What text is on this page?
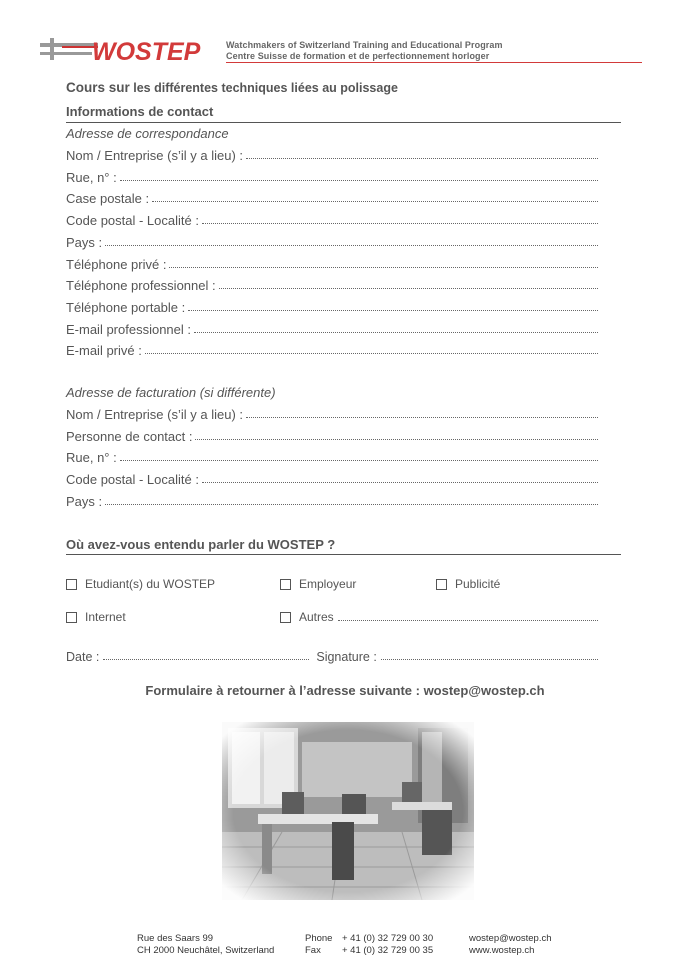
WOSTEP	Watchmakers of Switzerland Training and Educational Program
Centre Suisse de formation et de perfectionnement horloger
Cours sur les différentes techniques liées au polissage
Informations de contact
Adresse de correspondance
Nom / Entreprise (s’il y a lieu) :
Rue, n° :
Case postale :
Code postal - Localité :
Pays :
Téléphone privé :
Téléphone professionnel :
Téléphone portable :
E-mail professionnel :
E-mail privé :
Adresse de facturation (si différente)
Nom / Entreprise (s’il y a lieu) :
Personne de contact :
Rue, n° :
Code postal - Localité :
Pays :
Où avez-vous entendu parler du WOSTEP ?
Etudiant(s) du WOSTEP	Employeur	Publicité
Internet	Autres
Date :	Signature :
Formulaire à retourner à l’adresse suivante : wostep@wostep.ch
Rue des Saars 99
CH 2000 Neuchâtel, Switzerland
Phone + 41 (0) 32 729 00 30
Fax + 41 (0) 32 729 00 35
wostep@wostep.ch
www.wostep.ch
